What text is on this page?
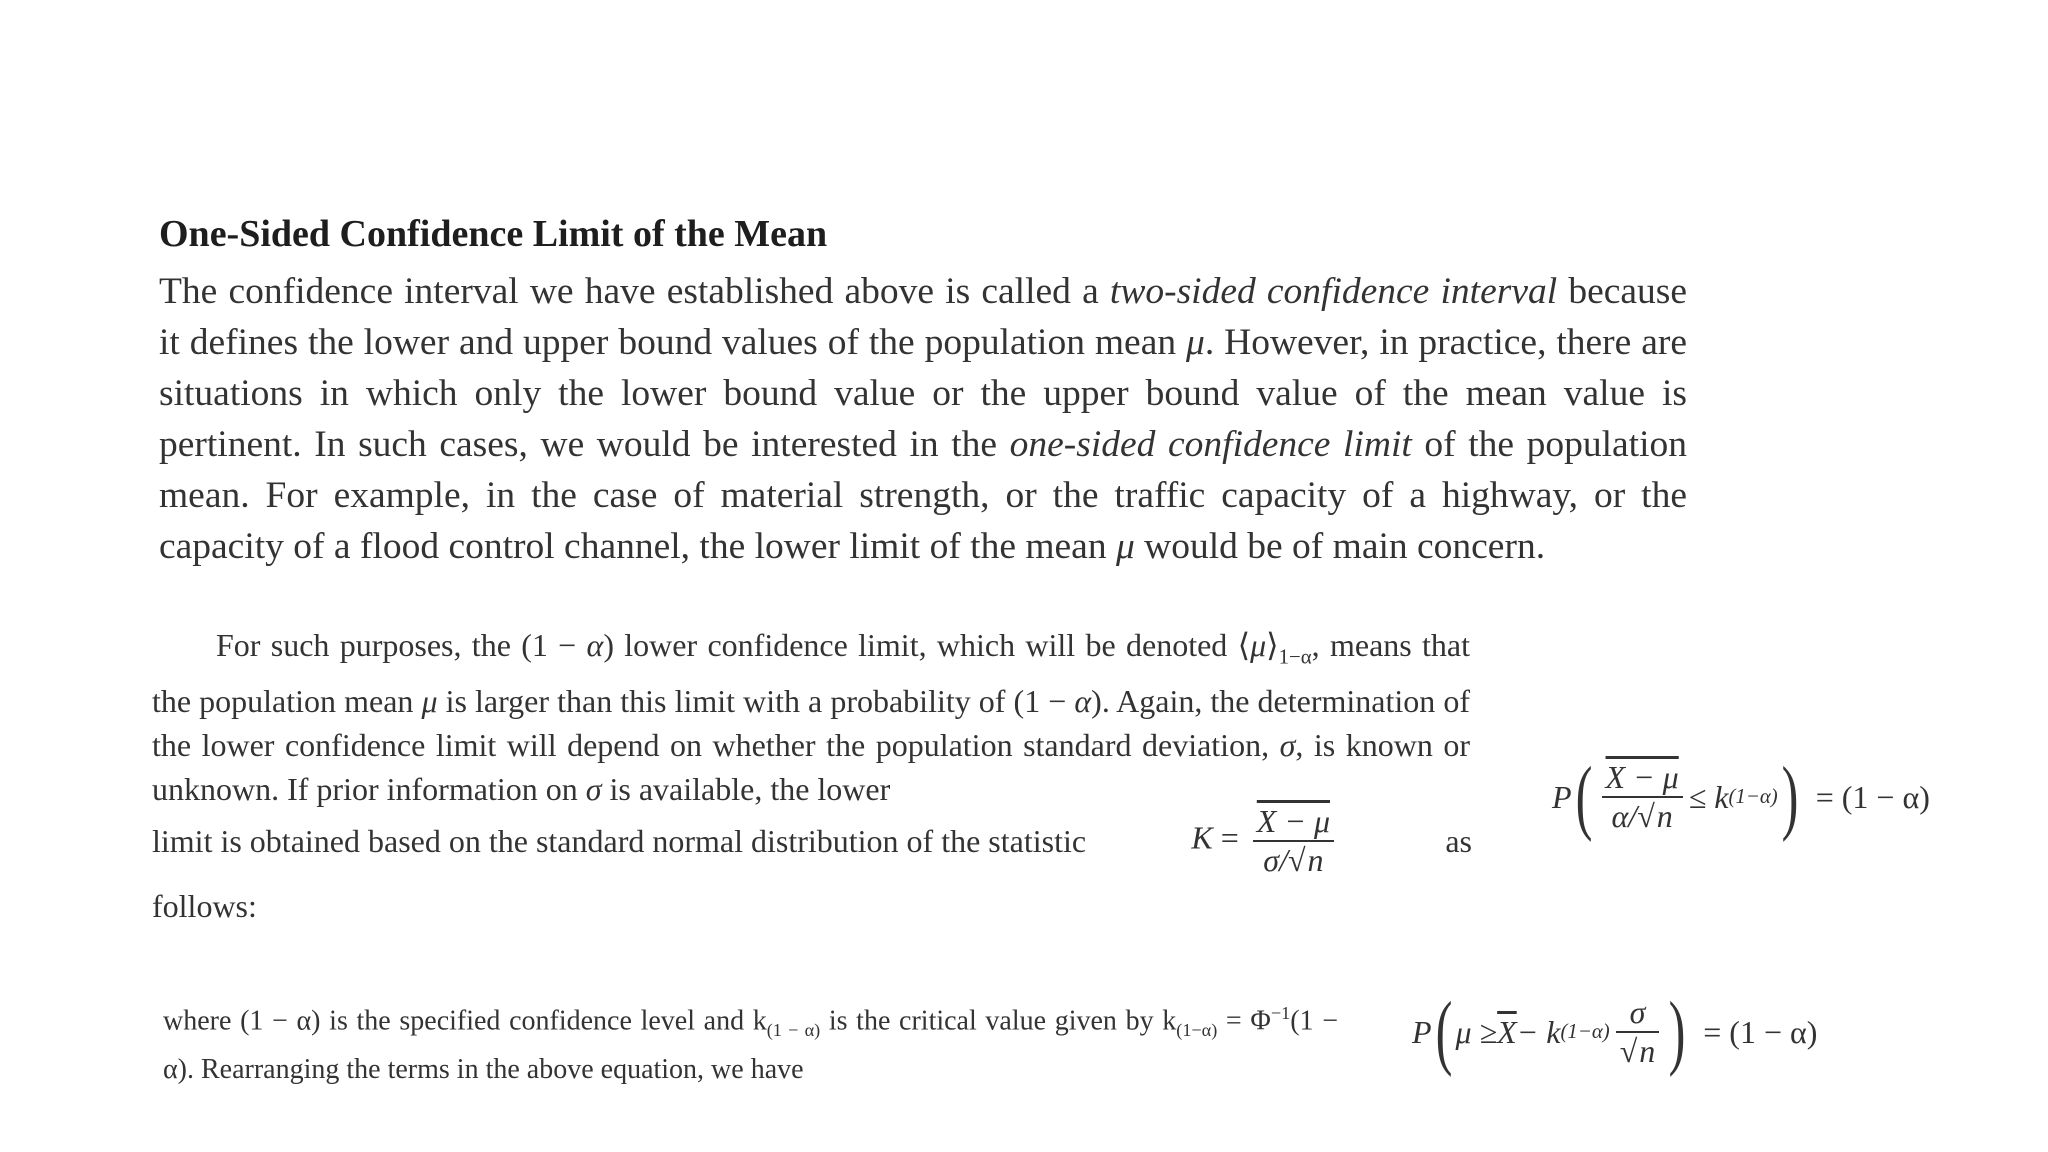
One-Sided Confidence Limit of the Mean
The confidence interval we have established above is called a two-sided confidence interval because it defines the lower and upper bound values of the population mean μ. However, in practice, there are situations in which only the lower bound value or the upper bound value of the mean value is pertinent. In such cases, we would be interested in the one-sided confidence limit of the population mean. For example, in the case of material strength, or the traffic capacity of a highway, or the capacity of a flood control channel, the lower limit of the mean μ would be of main concern.
For such purposes, the (1 − α) lower confidence limit, which will be denoted $⟨\mu⟩_{1-\alpha}$, means that the population mean μ is larger than this limit with a probability of (1 − α). Again, the determination of the lower confidence limit will depend on whether the population standard deviation, σ, is known or unknown. If prior information on σ is available, the lower
limit is obtained based on the standard normal distribution of the statistic	$K = \frac{X - \mu}{\sigma/√n}$	as
follows:
P ( $\frac{X - \mu}{\alpha/√n} \le k$ (1−α) ) = (1 − α)
where (1 − α) is the specified confidence level and $k_{(1 - \alpha)}$ is the critical value given by $k_{(1-\alpha)} = \Phi^{-1}(1 - \alpha)$. Rearranging the terms in the above equation, we have
P ( $\mu \ge \overline{X} - k$ $(1-\alpha) \frac{\sigma}{√n}$ ) = (1 − α)
